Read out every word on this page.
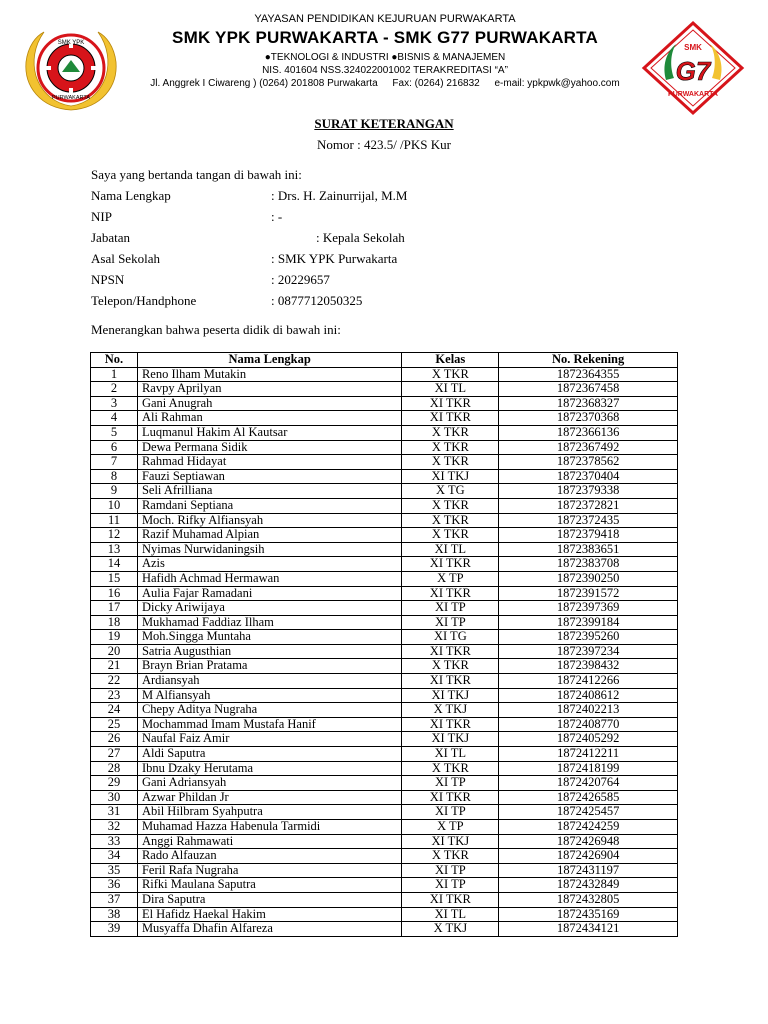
SMK YPK
PURWAKARTA
YAYASAN PENDIDIKAN KEJURUAN PURWAKARTA
SMK YPK PURWAKARTA - SMK G77 PURWAKARTA
●TEKNOLOGI & INDUSTRI ●BISNIS & MANAJEMEN
NIS. 401604 NSS.324022001002 TERAKREDITASI “A”
Jl. Anggrek I Ciwareng ) (0264) 201808 Purwakarta Fax: (0264) 216832 e-mail: ypkpwk@yahoo.com
SMK
G7
PURWAKARTA
SURAT KETERANGAN
Nomor : 423.5/ /PKS Kur
Saya yang bertanda tangan di bawah ini:
Nama Lengkap	: Drs. H. Zainurrijal, M.M
NIP	: -
Jabatan	: Kepala Sekolah
Asal Sekolah	: SMK YPK Purwakarta
NPSN	: 20229657
Telepon/Handphone	: 0877712050325
Menerangkan bahwa peserta didik di bawah ini:
No.	Nama Lengkap	Kelas	No. Rekening
1	Reno Ilham Mutakin	X TKR	1872364355
2	Ravpy Aprilyan	XI TL	1872367458
3	Gani Anugrah	XI TKR	1872368327
4	Ali Rahman	XI TKR	1872370368
5	Luqmanul Hakim Al Kautsar	X TKR	1872366136
6	Dewa Permana Sidik	X TKR	1872367492
7	Rahmad Hidayat	X TKR	1872378562
8	Fauzi Septiawan	XI TKJ	1872370404
9	Seli Afrilliana	X TG	1872379338
10	Ramdani Septiana	X TKR	1872372821
11	Moch. Rifky Alfiansyah	X TKR	1872372435
12	Razif Muhamad Alpian	X TKR	1872379418
13	Nyimas Nurwidaningsih	XI TL	1872383651
14	Azis	XI TKR	1872383708
15	Hafidh Achmad Hermawan	X TP	1872390250
16	Aulia Fajar Ramadani	XI TKR	1872391572
17	Dicky Ariwijaya	XI TP	1872397369
18	Mukhamad Faddiaz Ilham	XI TP	1872399184
19	Moh.Singga Muntaha	XI TG	1872395260
20	Satria Augusthian	XI TKR	1872397234
21	Brayn Brian Pratama	X TKR	1872398432
22	Ardiansyah	XI TKR	1872412266
23	M Alfiansyah	XI TKJ	1872408612
24	Chepy Aditya Nugraha	X TKJ	1872402213
25	Mochammad Imam Mustafa Hanif	XI TKR	1872408770
26	Naufal Faiz Amir	XI TKJ	1872405292
27	Aldi Saputra	XI TL	1872412211
28	Ibnu Dzaky Herutama	X TKR	1872418199
29	Gani Adriansyah	XI TP	1872420764
30	Azwar Phildan Jr	XI TKR	1872426585
31	Abil Hilbram Syahputra	XI TP	1872425457
32	Muhamad Hazza Habenula Tarmidi	X TP	1872424259
33	Anggi Rahmawati	XI TKJ	1872426948
34	Rado Alfauzan	X TKR	1872426904
35	Feril Rafa Nugraha	XI TP	1872431197
36	Rifki Maulana Saputra	XI TP	1872432849
37	Dira Saputra	XI TKR	1872432805
38	El Hafidz Haekal Hakim	XI TL	1872435169
39	Musyaffa Dhafin Alfareza	X TKJ	1872434121
